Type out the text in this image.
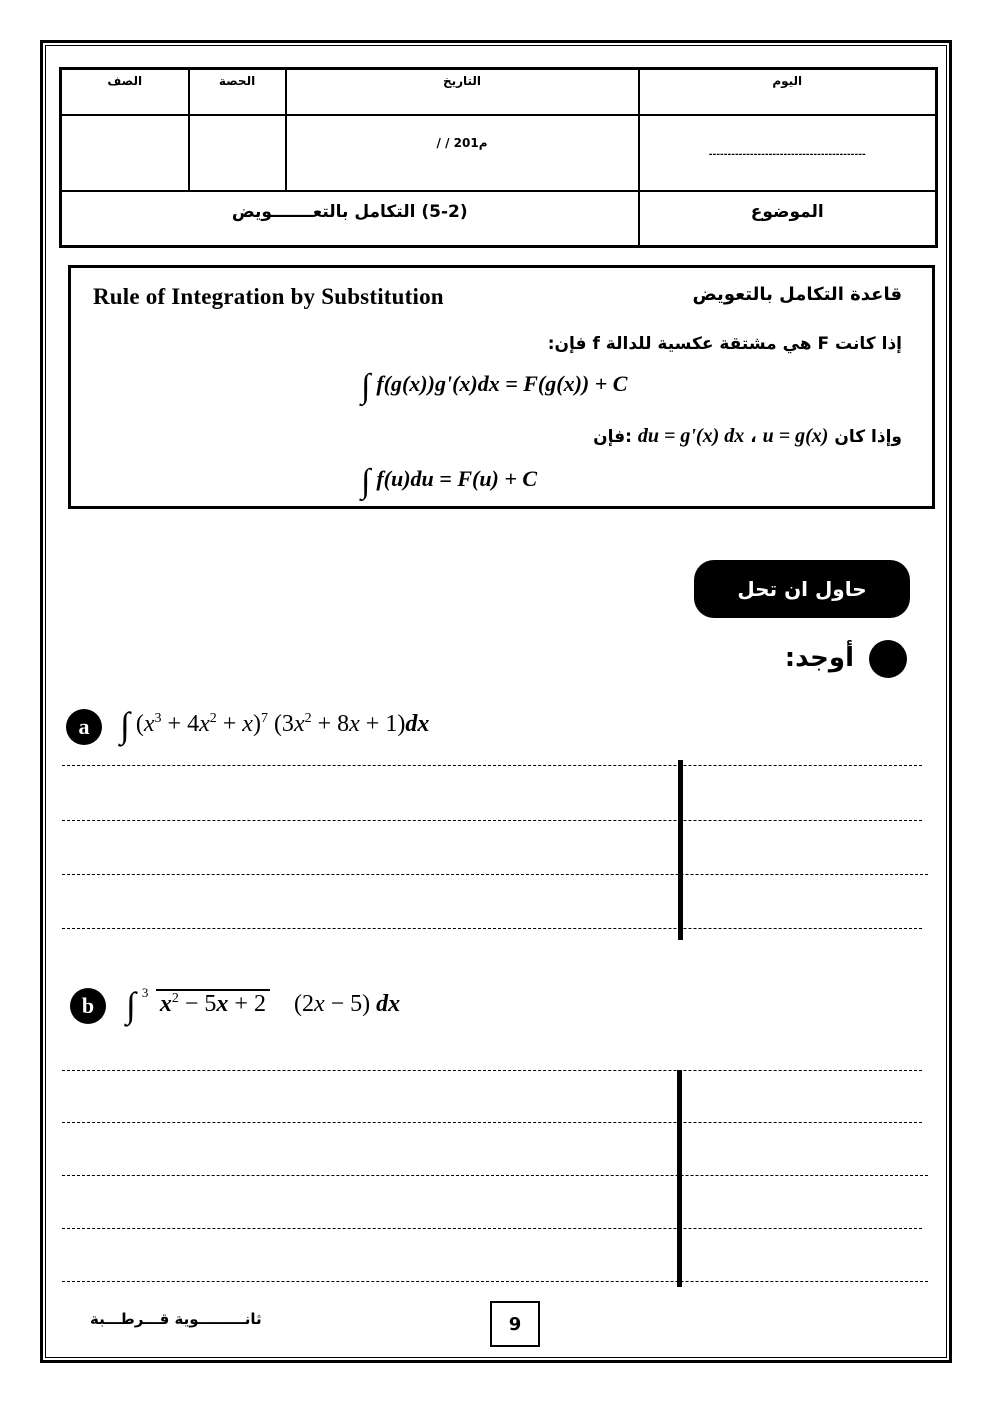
الصف	الحصة	التاريخ	اليوم

		/ / 201م	------------------------------------------

(5-2) التكامل بالتعـــــــويض			الموضوع
Rule of Integration by Substitution	قاعدة التكامل بالتعويض
إذا كانت F هي مشتقة عكسية للدالة f فإن:
∫ f(g(x))g'(x)dx = F(g(x)) + C
فإن: du = g'(x) dx ، u = g(x) وإذا كان
∫ f(u)du = F(u) + C
حاول ان تحل
أوجد:
a ∫ $(x^3 + 4x^2 + x)^7$ $(3x^2 + 8x + 1)dx$
b ∫ 3 $x^2 - 5x + 2$    (2x − 5) dx
ثانـــــــــوية قـــرطـــبة	9
